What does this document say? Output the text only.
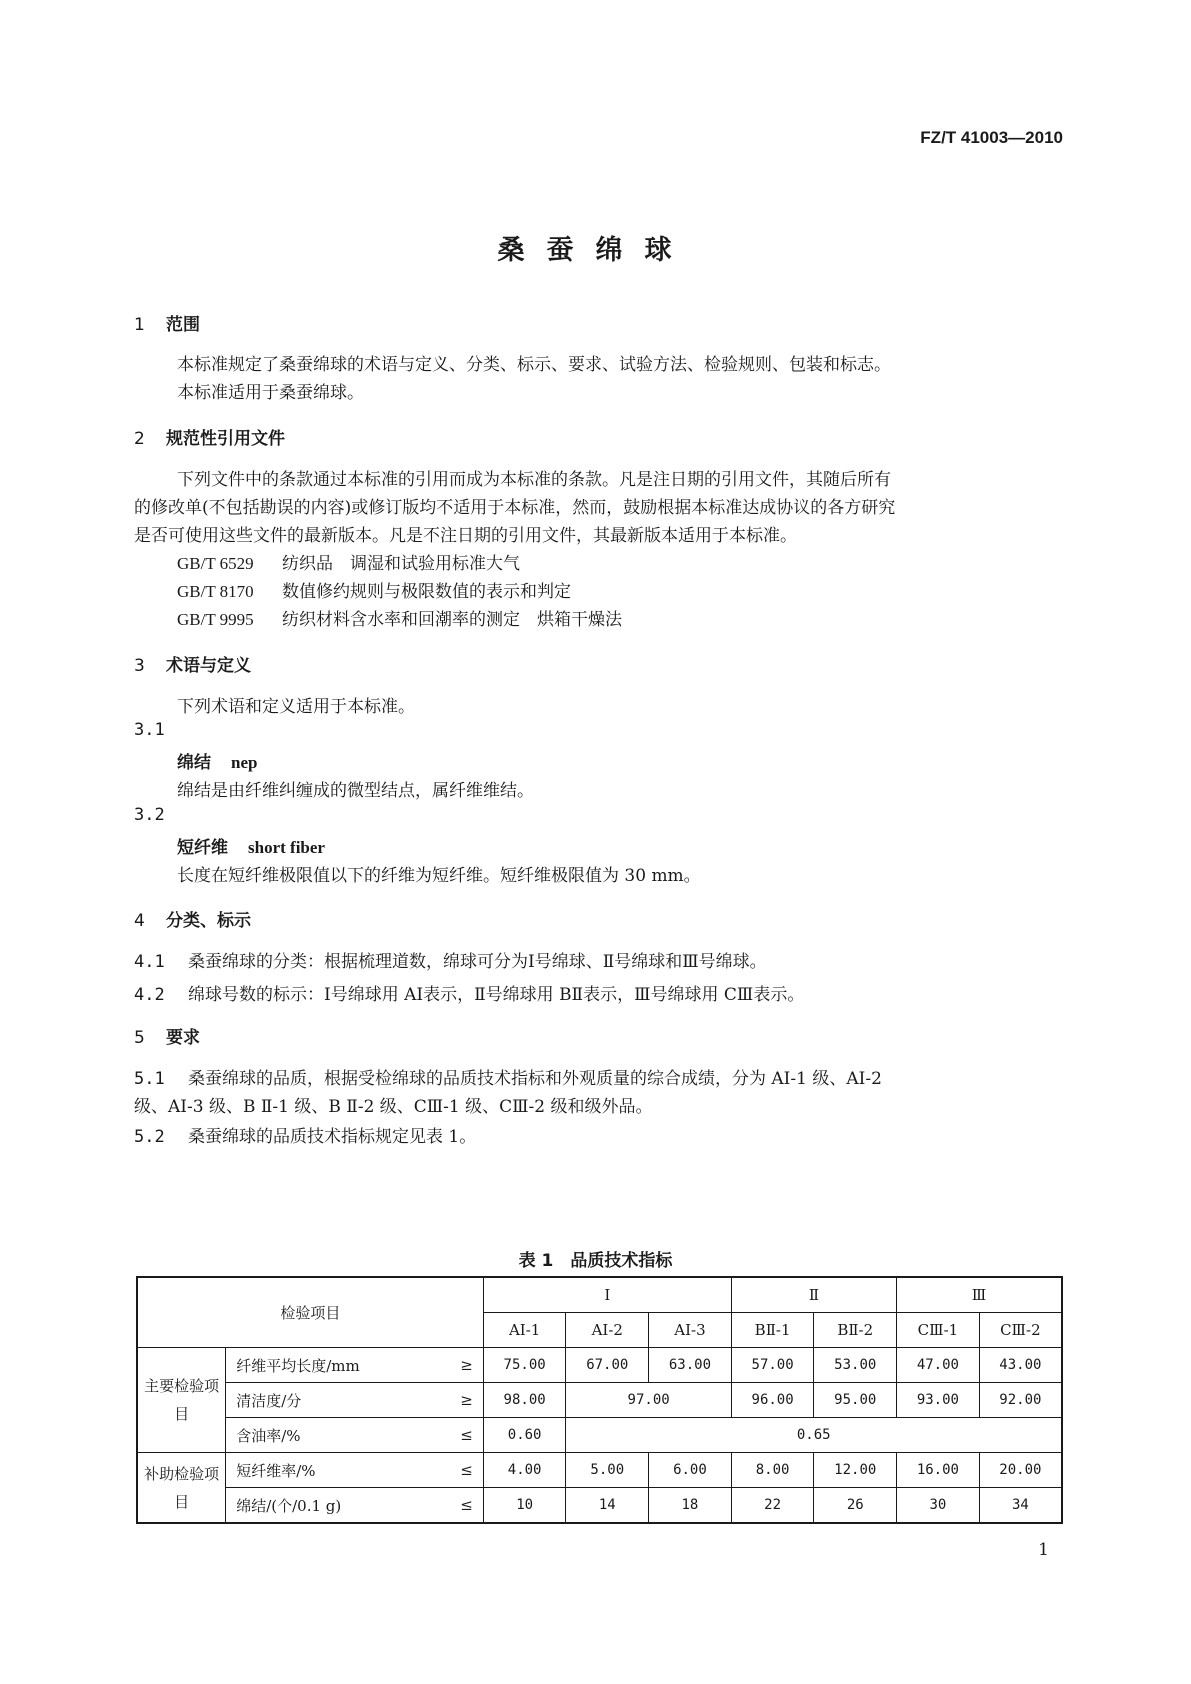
FZ/T 41003—2010
桑蚕绵球
1 范围
本标准规定了桑蚕绵球的术语与定义、分类、标示、要求、试验方法、检验规则、包装和标志。
本标准适用于桑蚕绵球。
2 规范性引用文件
下列文件中的条款通过本标准的引用而成为本标准的条款。凡是注日期的引用文件，其随后所有
的修改单(不包括勘误的内容)或修订版均不适用于本标准，然而，鼓励根据本标准达成协议的各方研究
是否可使用这些文件的最新版本。凡是不注日期的引用文件，其最新版本适用于本标准。
GB/T 6529 纺织品　调湿和试验用标准大气
GB/T 8170 数值修约规则与极限数值的表示和判定
GB/T 9995 纺织材料含水率和回潮率的测定　烘箱干燥法
3 术语与定义
下列术语和定义适用于本标准。
3.1
绵结 nep
绵结是由纤维纠缠成的微型结点，属纤维维结。
3.2
短纤维 short fiber
长度在短纤维极限值以下的纤维为短纤维。短纤维极限值为 30 mm。
4 分类、标示
4.1 桑蚕绵球的分类：根据梳理道数，绵球可分为Ⅰ号绵球、Ⅱ号绵球和Ⅲ号绵球。
4.2 绵球号数的标示：Ⅰ号绵球用 AⅠ表示，Ⅱ号绵球用 BⅡ表示，Ⅲ号绵球用 CⅢ表示。
5 要求
5.1 桑蚕绵球的品质，根据受检绵球的品质技术指标和外观质量的综合成绩，分为 AⅠ-1 级、AⅠ-2
级、AⅠ-3 级、B Ⅱ-1 级、B Ⅱ-2 级、CⅢ-1 级、CⅢ-2 级和级外品。
5.2 桑蚕绵球的品质技术指标规定见表 1。
表 1　品质技术指标
检验项目			Ⅰ			Ⅱ		Ⅲ	
			AⅠ-1	AⅠ-2	AⅠ-3	BⅡ-1	BⅡ-2	CⅢ-1	CⅢ-2
主要检验项目	纤维平均长度/mm	≥	75.00	67.00	63.00	57.00	53.00	47.00	43.00
	清洁度/分	≥	98.00	97.00		96.00	95.00	93.00	92.00
	含油率/%	≤	0.60	0.65					
补助检验项目	短纤维率/%	≤	4.00	5.00	6.00	8.00	12.00	16.00	20.00
	绵结/(个/0.1 g)	≤	10	14	18	22	26	30	34
1
